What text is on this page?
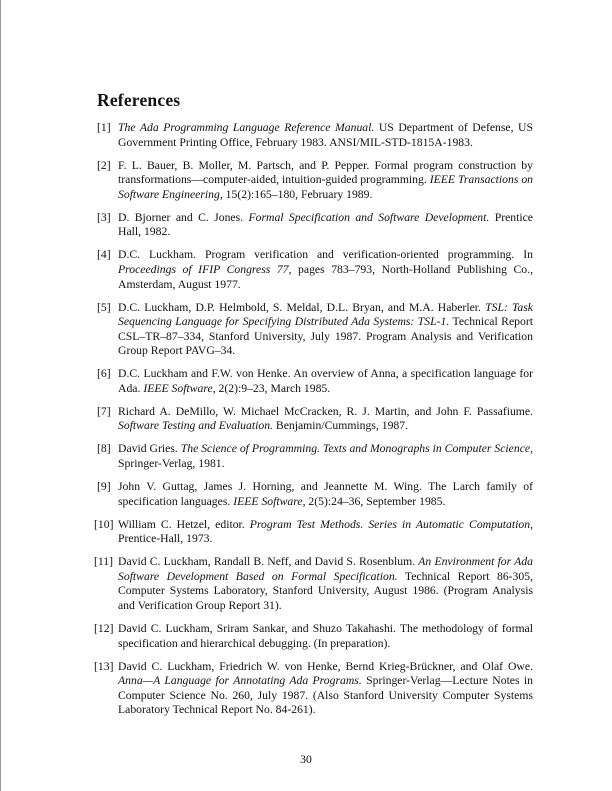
References
[1] The Ada Programming Language Reference Manual. US Department of Defense, US Government Printing Office, February 1983. ANSI/MIL-STD-1815A-1983.
[2] F. L. Bauer, B. Moller, M. Partsch, and P. Pepper. Formal program construction by transformations—computer-aided, intuition-guided programming. IEEE Transactions on Software Engineering, 15(2):165–180, February 1989.
[3] D. Bjorner and C. Jones. Formal Specification and Software Development. Prentice Hall, 1982.
[4] D.C. Luckham. Program verification and verification-oriented programming. In Proceedings of IFIP Congress 77, pages 783–793, North-Holland Publishing Co., Amsterdam, August 1977.
[5] D.C. Luckham, D.P. Helmbold, S. Meldal, D.L. Bryan, and M.A. Haberler. TSL: Task Sequencing Language for Specifying Distributed Ada Systems: TSL-1. Technical Report CSL–TR–87–334, Stanford University, July 1987. Program Analysis and Verification Group Report PAVG–34.
[6] D.C. Luckham and F.W. von Henke. An overview of Anna, a specification language for Ada. IEEE Software, 2(2):9–23, March 1985.
[7] Richard A. DeMillo, W. Michael McCracken, R. J. Martin, and John F. Passafiume. Software Testing and Evaluation. Benjamin/Cummings, 1987.
[8] David Gries. The Science of Programming. Texts and Monographs in Computer Science, Springer-Verlag, 1981.
[9] John V. Guttag, James J. Horning, and Jeannette M. Wing. The Larch family of specification languages. IEEE Software, 2(5):24–36, September 1985.
[10] William C. Hetzel, editor. Program Test Methods. Series in Automatic Computation, Prentice-Hall, 1973.
[11] David C. Luckham, Randall B. Neff, and David S. Rosenblum. An Environment for Ada Software Development Based on Formal Specification. Technical Report 86-305, Computer Systems Laboratory, Stanford University, August 1986. (Program Analysis and Verification Group Report 31).
[12] David C. Luckham, Sriram Sankar, and Shuzo Takahashi. The methodology of formal specification and hierarchical debugging. (In preparation).
[13] David C. Luckham, Friedrich W. von Henke, Bernd Krieg-Brückner, and Olaf Owe. Anna—A Language for Annotating Ada Programs. Springer-Verlag—Lecture Notes in Computer Science No. 260, July 1987. (Also Stanford University Computer Systems Laboratory Technical Report No. 84-261).
30
